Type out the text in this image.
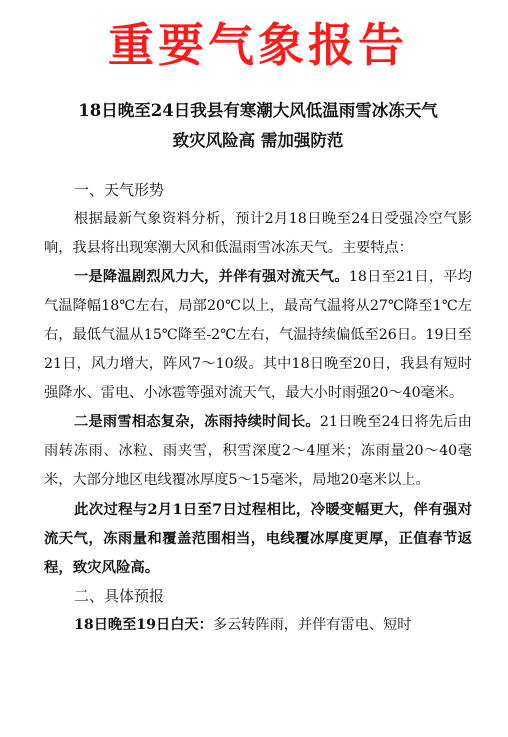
重要气象报告
18日晚至24日我县有寒潮大风低温雨雪冰冻天气
致灾风险高 需加强防范
一、天气形势

根据最新气象资料分析，预计2月18日晚至24日受强冷空气影响，我县将出现寒潮大风和低温雨雪冰冻天气。主要特点：

一是降温剧烈风力大，并伴有强对流天气。18日至21日，平均气温降幅18℃左右，局部20℃以上，最高气温将从27℃降至1℃左右，最低气温从15℃降至-2℃左右，气温持续偏低至26日。19日至21日，风力增大，阵风7～10级。其中18日晚至20日，我县有短时强降水、雷电、小冰雹等强对流天气，最大小时雨强20～40毫米。

二是雨雪相态复杂，冻雨持续时间长。21日晚至24日将先后由雨转冻雨、冰粒、雨夹雪，积雪深度2～4厘米；冻雨量20～40毫米，大部分地区电线覆冰厚度5～15毫米，局地20毫米以上。

此次过程与2月1日至7日过程相比，冷暖变幅更大，伴有强对流天气，冻雨量和覆盖范围相当，电线覆冰厚度更厚，正值春节返程，致灾风险高。

二、具体预报

18日晚至19日白天：多云转阵雨，并伴有雷电、短时
